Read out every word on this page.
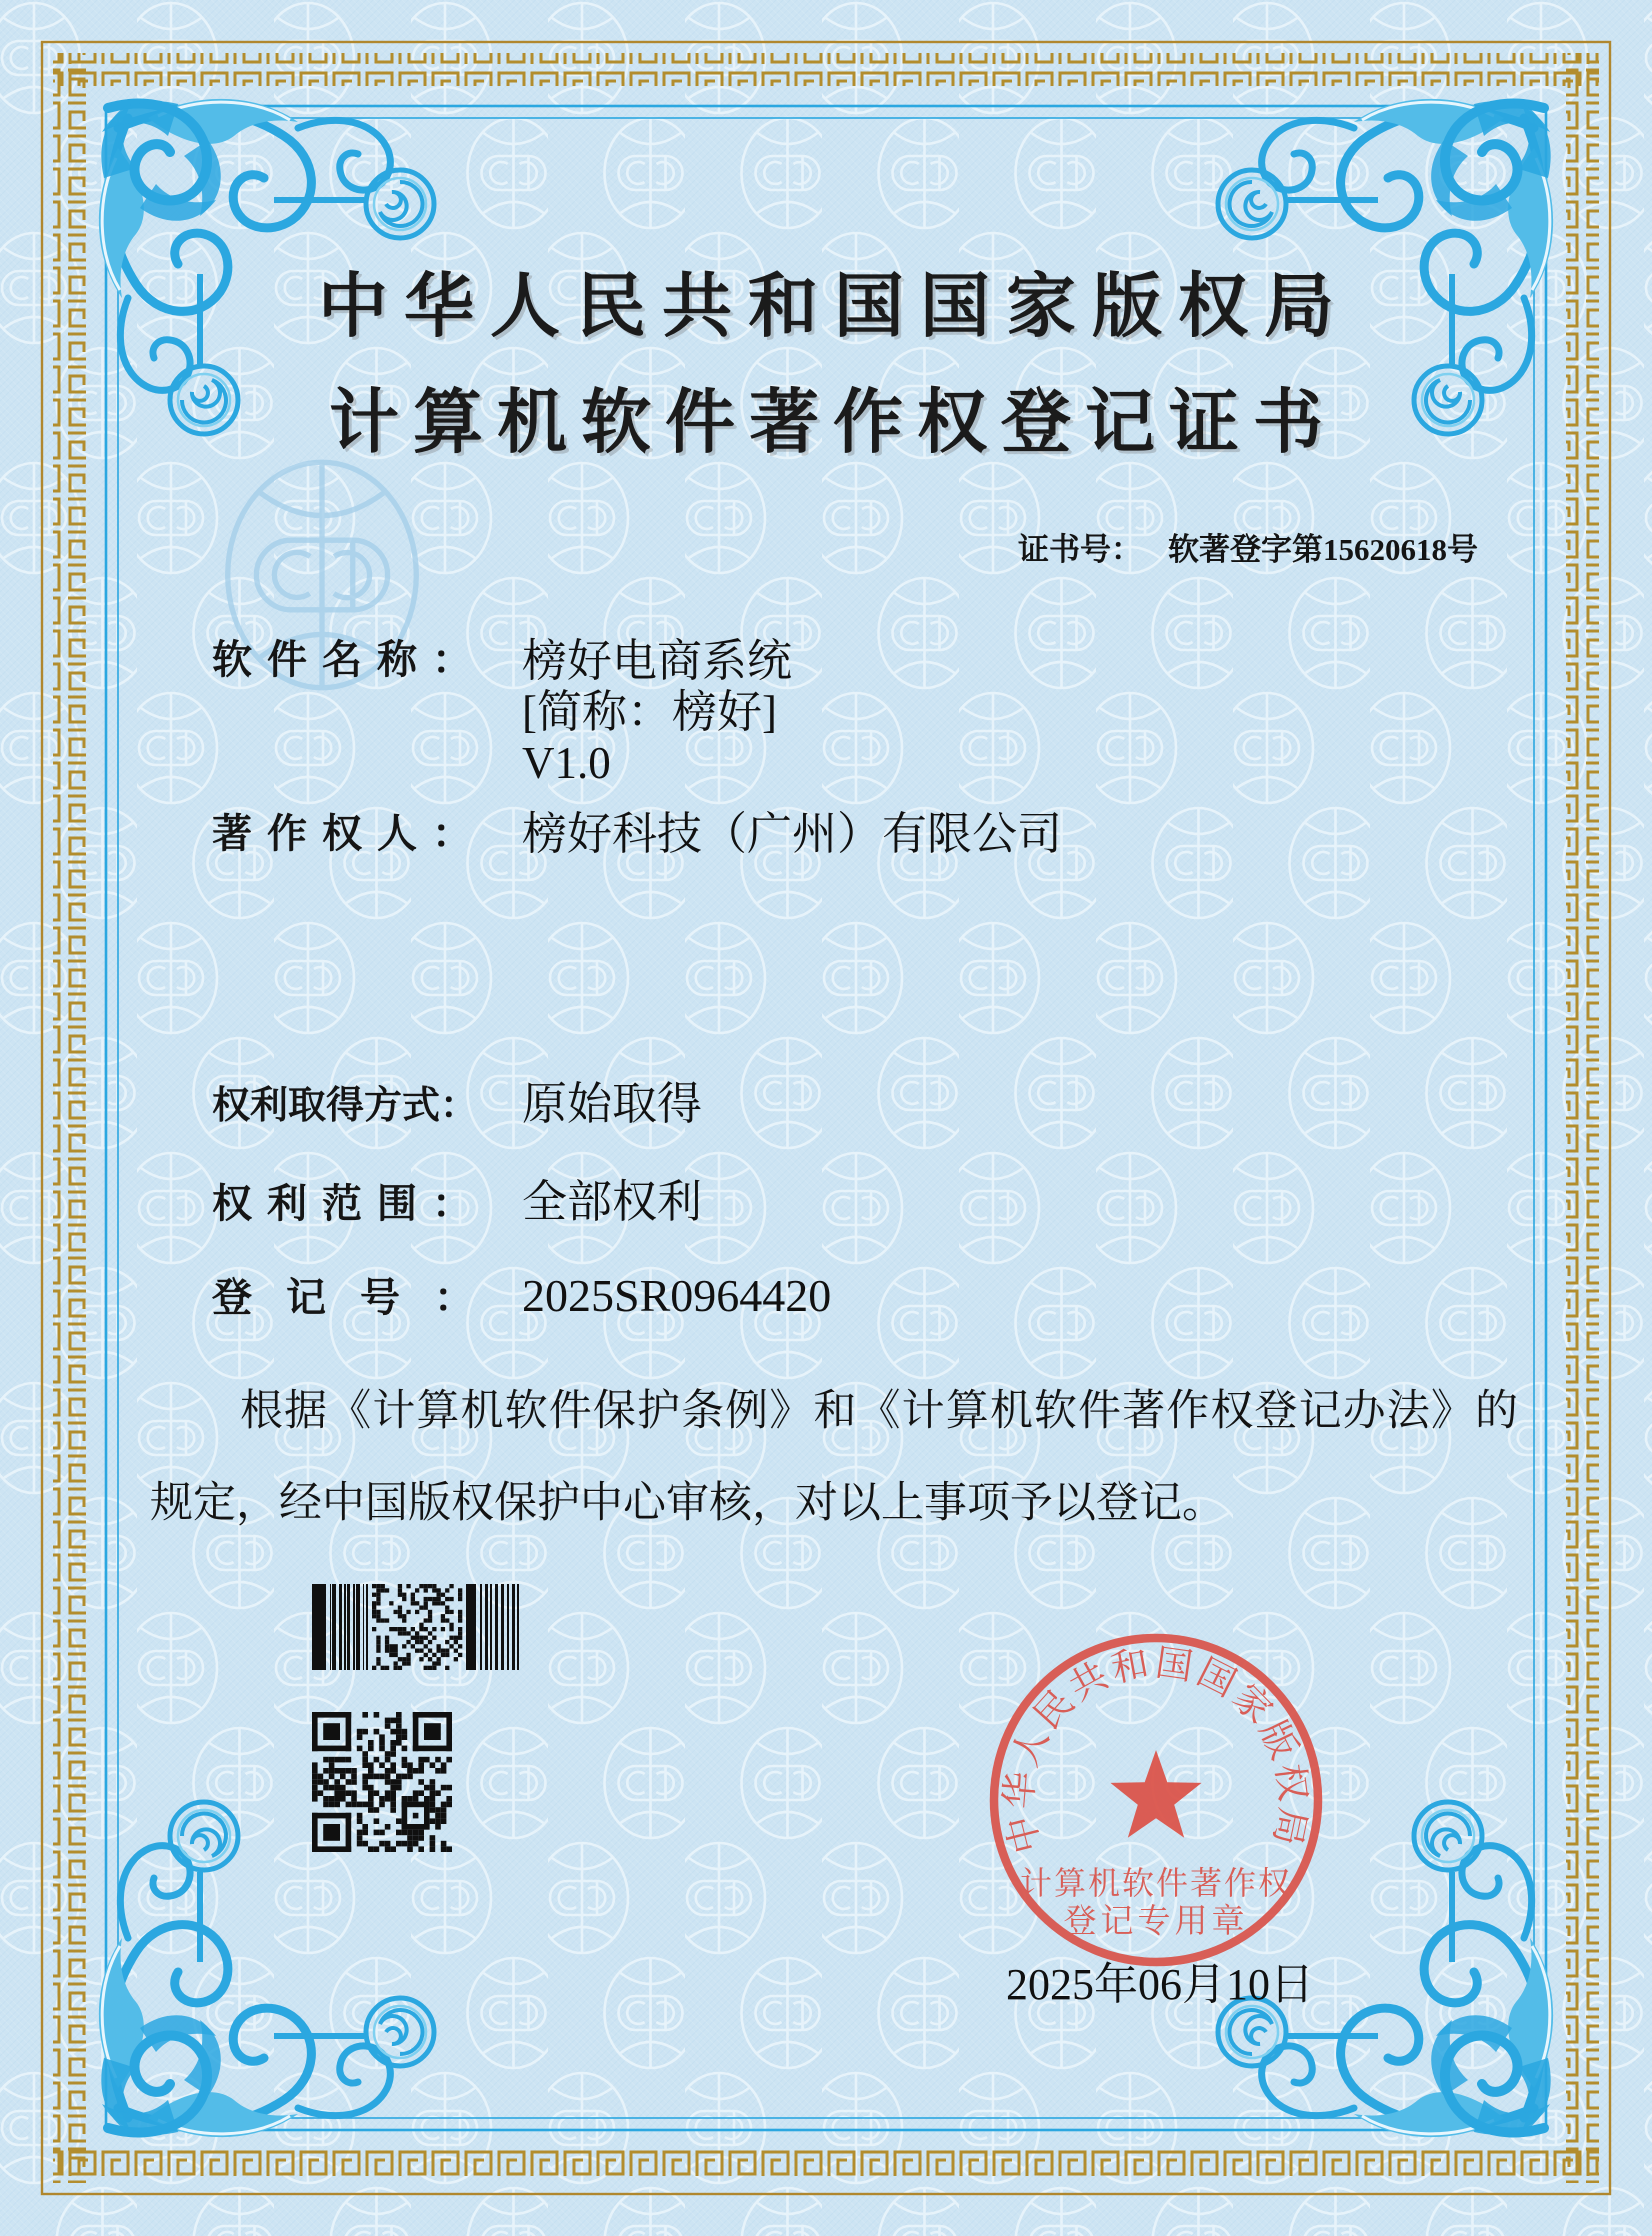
中华人民共和国国家版权局
计算机软件著作权
登记专用章
中华人民共和国国家版权局
计算机软件著作权登记证书
证书号： 软著登字第15620618号
软件名称： 榜好电商系统
[简称：榜好]
V1.0
著作权人： 榜好科技（广州）有限公司
权利取得方式： 原始取得
权利范围： 全部权利
登记号： 2025SR0964420
根据《计算机软件保护条例》和《计算机软件著作权登记办法》的规定，经中国版权保护中心审核，对以上事项予以登记。
2025年06月10日
